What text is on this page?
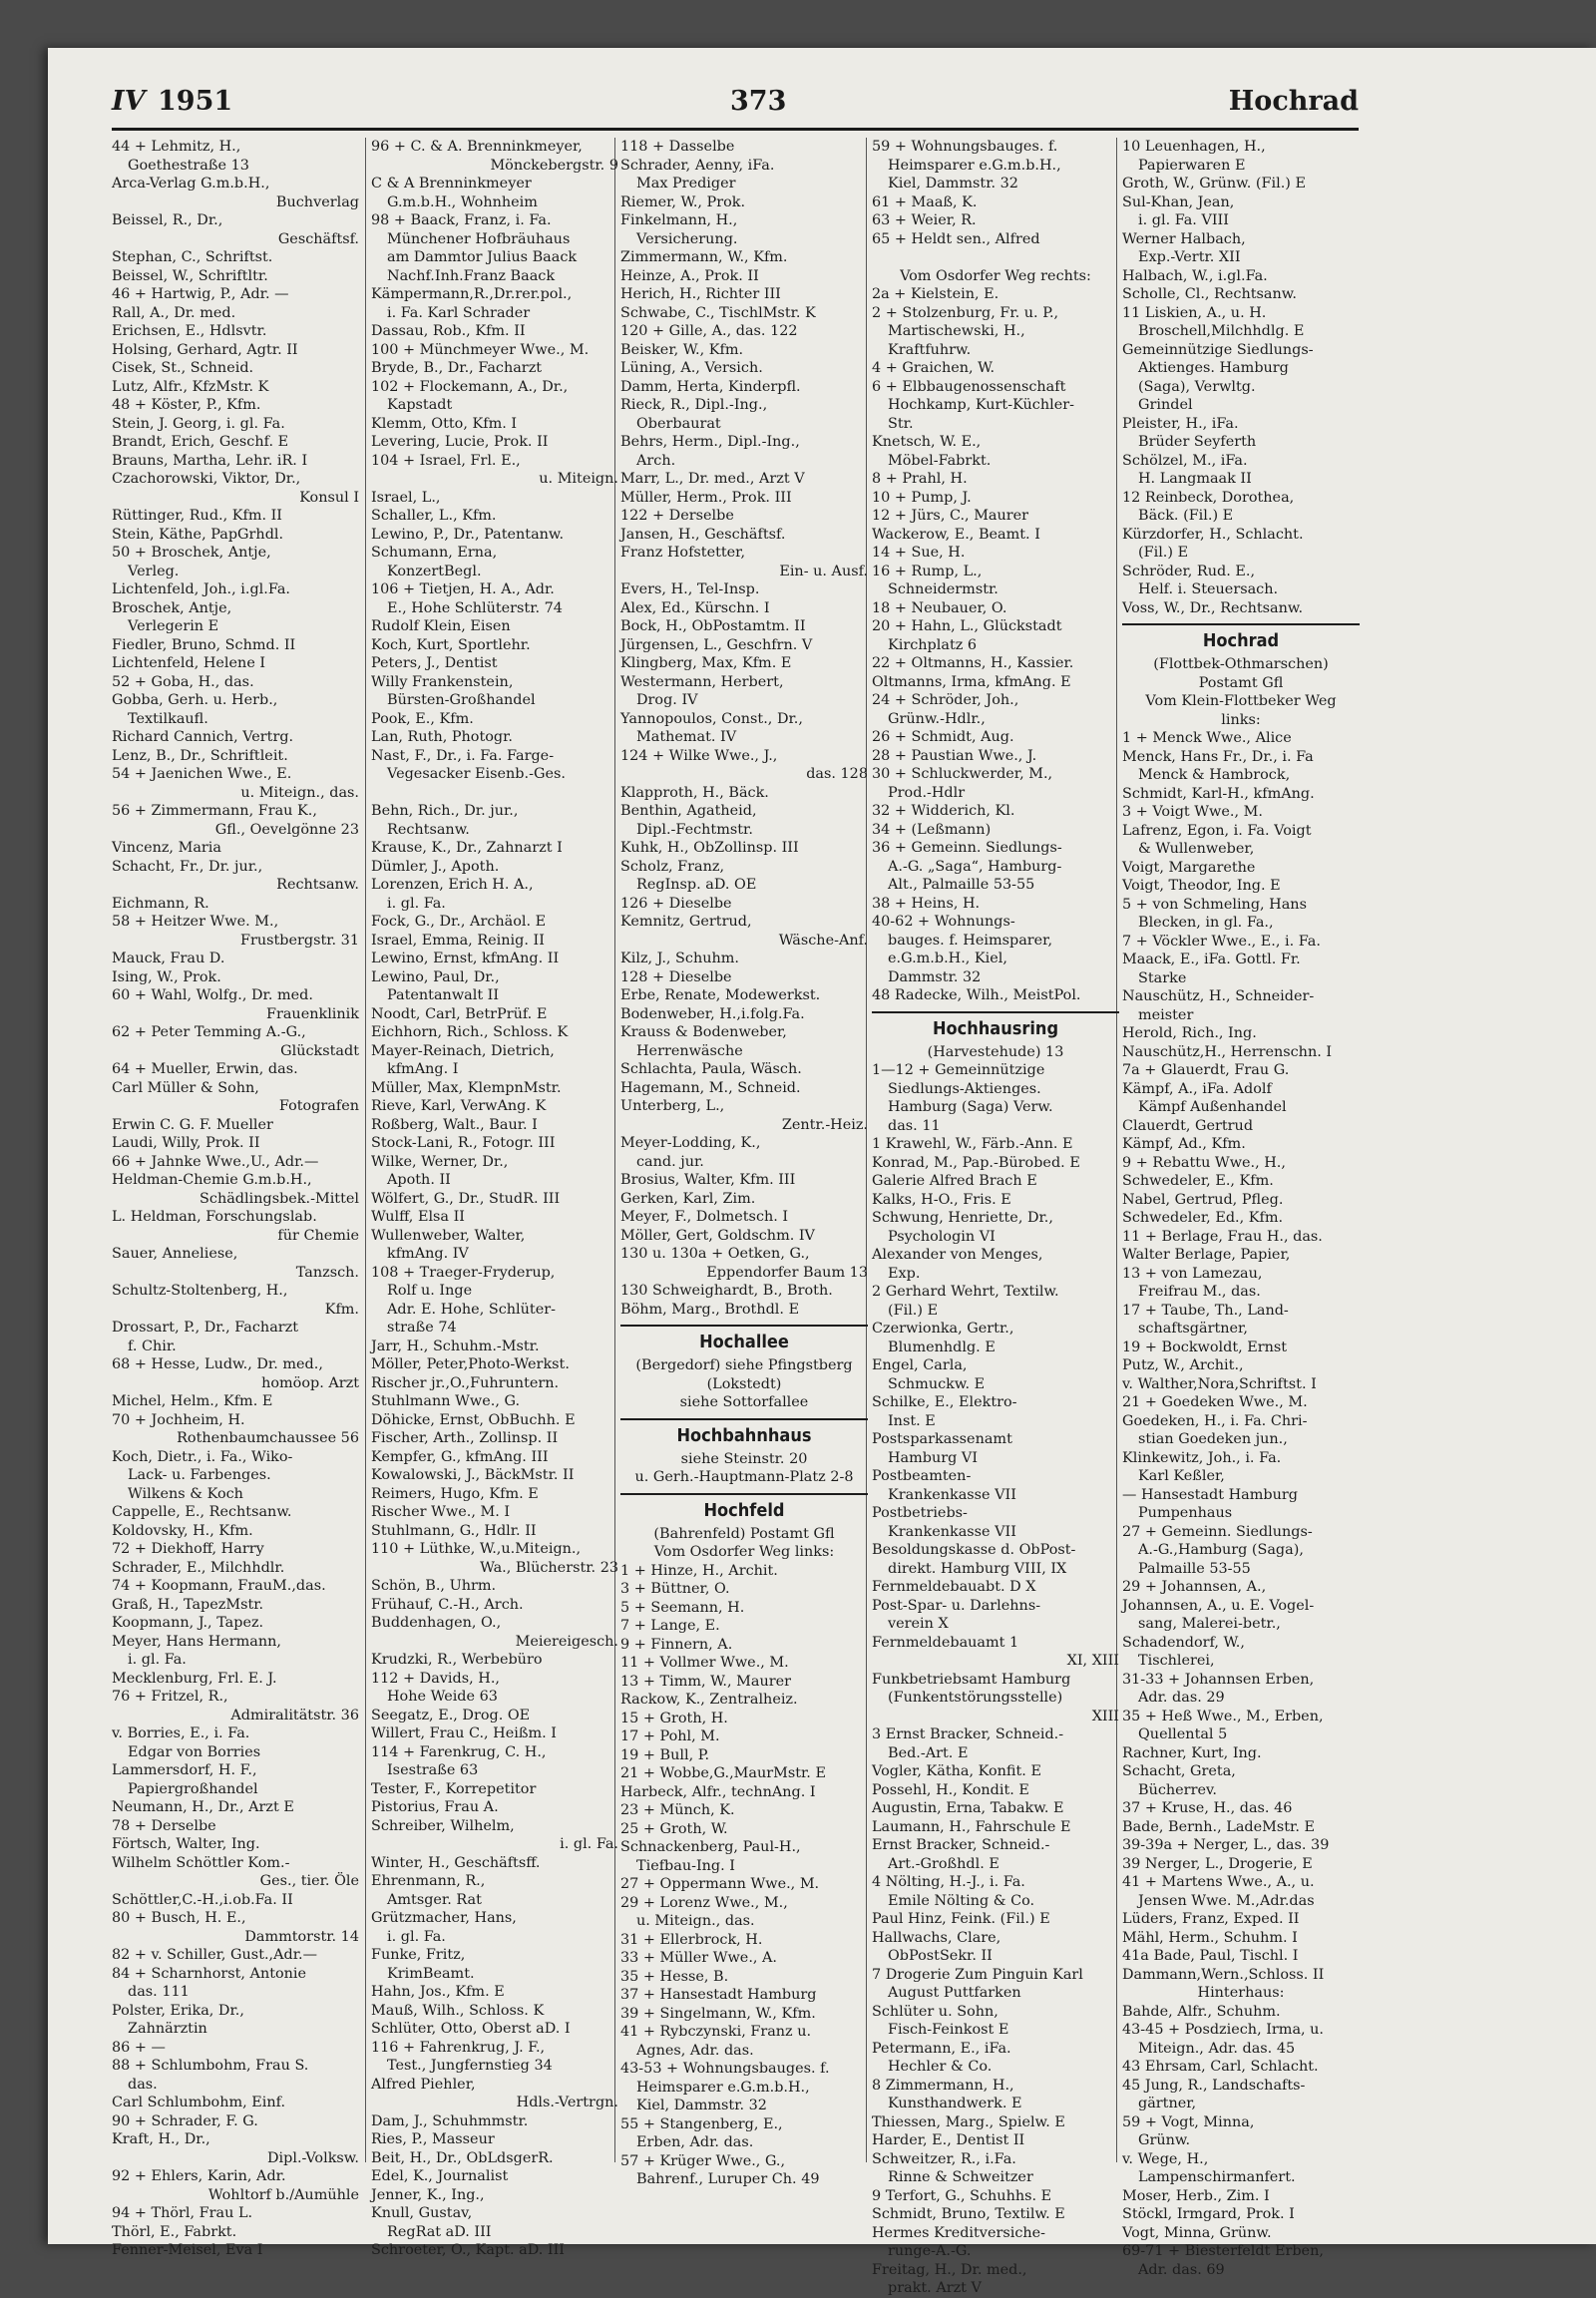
IV 1951	373	Hochrad
44 + Lehmitz, H.,
Goethestraße 13
Arca-Verlag G.m.b.H.,
Buchverlag
Beissel, R., Dr.,
Geschäftsf.
Stephan, C., Schriftst.
Beissel, W., Schriftltr.
46 + Hartwig, P., Adr. —
Rall, A., Dr. med.
Erichsen, E., Hdlsvtr.
Holsing, Gerhard, Agtr. II
Cisek, St., Schneid.
Lutz, Alfr., KfzMstr. K
48 + Köster, P., Kfm.
Stein, J. Georg, i. gl. Fa.
Brandt, Erich, Geschf. E
Brauns, Martha, Lehr. iR. I
Czachorowski, Viktor, Dr.,
Konsul I
Rüttinger, Rud., Kfm. II
Stein, Käthe, PapGrhdl.
50 + Broschek, Antje,
Verleg.
Lichtenfeld, Joh., i.gl.Fa.
Broschek, Antje,
Verlegerin E
Fiedler, Bruno, Schmd. II
Lichtenfeld, Helene I
52 + Goba, H., das.
Gobba, Gerh. u. Herb.,
Textilkaufl.
Richard Cannich, Vertrg.
Lenz, B., Dr., Schriftleit.
54 + Jaenichen Wwe., E.
u. Miteign., das.
56 + Zimmermann, Frau K.,
Gfl., Oevelgönne 23
Vincenz, Maria
Schacht, Fr., Dr. jur.,
Rechtsanw.
Eichmann, R.
58 + Heitzer Wwe. M.,
Frustbergstr. 31
Mauck, Frau D.
Ising, W., Prok.
60 + Wahl, Wolfg., Dr. med.
Frauenklinik
62 + Peter Temming A.-G.,
Glückstadt
64 + Mueller, Erwin, das.
Carl Müller & Sohn,
Fotografen
Erwin C. G. F. Mueller
Laudi, Willy, Prok. II
66 + Jahnke Wwe.,U., Adr.—
Heldman-Chemie G.m.b.H.,
Schädlingsbek.-Mittel
L. Heldman, Forschungslab.
für Chemie
Sauer, Anneliese,
Tanzsch.
Schultz-Stoltenberg, H.,
Kfm.
Drossart, P., Dr., Facharzt
f. Chir.
68 + Hesse, Ludw., Dr. med.,
homöop. Arzt
Michel, Helm., Kfm. E
70 + Jochheim, H.
Rothenbaumchaussee 56
Koch, Dietr., i. Fa., Wiko-
Lack- u. Farbenges.
Wilkens & Koch
Cappelle, E., Rechtsanw.
Koldovsky, H., Kfm.
72 + Diekhoff, Harry
Schrader, E., Milchhdlr.
74 + Koopmann, FrauM.,das.
Graß, H., TapezMstr.
Koopmann, J., Tapez.
Meyer, Hans Hermann,
i. gl. Fa.
Mecklenburg, Frl. E. J.
76 + Fritzel, R.,
Admiralitätstr. 36
v. Borries, E., i. Fa.
Edgar von Borries
Lammersdorf, H. F.,
Papiergroßhandel
Neumann, H., Dr., Arzt E
78 + Derselbe
Förtsch, Walter, Ing.
Wilhelm Schöttler Kom.-
Ges., tier. Öle
Schöttler,C.-H.,i.ob.Fa. II
80 + Busch, H. E.,
Dammtorstr. 14
82 + v. Schiller, Gust.,Adr.—
84 + Scharnhorst, Antonie
das. 111
Polster, Erika, Dr.,
Zahnärztin
86 + —
88 + Schlumbohm, Frau S.
das.
Carl Schlumbohm, Einf.
90 + Schrader, F. G.
Kraft, H., Dr.,
Dipl.-Volksw.
92 + Ehlers, Karin, Adr.
Wohltorf b./Aumühle
94 + Thörl, Frau L.
Thörl, E., Fabrkt.
Fenner-Meisel, Eva I
96 + C. & A. Brenninkmeyer,
Mönckebergstr. 9
C & A Brenninkmeyer
G.m.b.H., Wohnheim
98 + Baack, Franz, i. Fa.
Münchener Hofbräuhaus
am Dammtor Julius Baack
Nachf.Inh.Franz Baack
Kämpermann,R.,Dr.rer.pol.,
i. Fa. Karl Schrader
Dassau, Rob., Kfm. II
100 + Münchmeyer Wwe., M.
Bryde, B., Dr., Facharzt
102 + Flockemann, A., Dr.,
Kapstadt
Klemm, Otto, Kfm. I
Levering, Lucie, Prok. II
104 + Israel, Frl. E.,
u. Miteign.
Israel, L.,
Schaller, L., Kfm.
Lewino, P., Dr., Patentanw.
Schumann, Erna,
KonzertBegl.
106 + Tietjen, H. A., Adr.
E., Hohe Schlüterstr. 74
Rudolf Klein, Eisen
Koch, Kurt, Sportlehr.
Peters, J., Dentist
Willy Frankenstein,
Bürsten-Großhandel
Pook, E., Kfm.
Lan, Ruth, Photogr.
Nast, F., Dr., i. Fa. Farge-
Vegesacker Eisenb.-Ges.

Behn, Rich., Dr. jur.,
Rechtsanw.
Krause, K., Dr., Zahnarzt I
Dümler, J., Apoth.
Lorenzen, Erich H. A.,
i. gl. Fa.
Fock, G., Dr., Archäol. E
Israel, Emma, Reinig. II
Lewino, Ernst, kfmAng. II
Lewino, Paul, Dr.,
Patentanwalt II
Noodt, Carl, BetrPrüf. E
Eichhorn, Rich., Schloss. K
Mayer-Reinach, Dietrich,
kfmAng. I
Müller, Max, KlempnMstr.
Rieve, Karl, VerwAng. K
Roßberg, Walt., Baur. I
Stock-Lani, R., Fotogr. III
Wilke, Werner, Dr.,
Apoth. II
Wölfert, G., Dr., StudR. III
Wulff, Elsa II
Wullenweber, Walter,
kfmAng. IV
108 + Traeger-Fryderup,
Rolf u. Inge
Adr. E. Hohe, Schlüter-
straße 74
Jarr, H., Schuhm.-Mstr.
Möller, Peter,Photo-Werkst.
Rischer jr.,O.,Fuhruntern.
Stuhlmann Wwe., G.
Döhicke, Ernst, ObBuchh. E
Fischer, Arth., Zollinsp. II
Kempfer, G., kfmAng. III
Kowalowski, J., BäckMstr. II
Reimers, Hugo, Kfm. E
Rischer Wwe., M. I
Stuhlmann, G., Hdlr. II
110 + Lüthke, W.,u.Miteign.,
Wa., Blücherstr. 23
Schön, B., Uhrm.
Frühauf, C.-H., Arch.
Buddenhagen, O.,
Meiereigesch.
Krudzki, R., Werbebüro
112 + Davids, H.,
Hohe Weide 63
Seegatz, E., Drog. OE
Willert, Frau C., Heißm. I
114 + Farenkrug, C. H.,
Isestraße 63
Tester, F., Korrepetitor
Pistorius, Frau A.
Schreiber, Wilhelm,
i. gl. Fa.
Winter, H., Geschäftsff.
Ehrenmann, R.,
Amtsger. Rat
Grützmacher, Hans,
i. gl. Fa.
Funke, Fritz,
KrimBeamt.
Hahn, Jos., Kfm. E
Mauß, Wilh., Schloss. K
Schlüter, Otto, Oberst aD. I
116 + Fahrenkrug, J. F.,
Test., Jungfernstieg 34
Alfred Piehler,
Hdls.-Vertrgn.
Dam, J., Schuhmmstr.
Ries, P., Masseur
Beit, H., Dr., ObLdsgerR.
Edel, K., Journalist
Jenner, K., Ing.,
Knull, Gustav,
RegRat aD. III
Schroeter, O., Kapt. aD. III
118 + Dasselbe
Schrader, Aenny, iFa.
Max Prediger
Riemer, W., Prok.
Finkelmann, H.,
Versicherung.
Zimmermann, W., Kfm.
Heinze, A., Prok. II
Herich, H., Richter III
Schwabe, C., TischlMstr. K
120 + Gille, A., das. 122
Beisker, W., Kfm.
Lüning, A., Versich.
Damm, Herta, Kinderpfl.
Rieck, R., Dipl.-Ing.,
Oberbaurat
Behrs, Herm., Dipl.-Ing.,
Arch.
Marr, L., Dr. med., Arzt V
Müller, Herm., Prok. III
122 + Derselbe
Jansen, H., Geschäftsf.
Franz Hofstetter,
Ein- u. Ausf.
Evers, H., Tel-Insp.
Alex, Ed., Kürschn. I
Bock, H., ObPostamtm. II
Jürgensen, L., Geschfrn. V
Klingberg, Max, Kfm. E
Westermann, Herbert,
Drog. IV
Yannopoulos, Const., Dr.,
Mathemat. IV
124 + Wilke Wwe., J.,
das. 128
Klapproth, H., Bäck.
Benthin, Agatheid,
Dipl.-Fechtmstr.
Kuhk, H., ObZollinsp. III
Scholz, Franz,
RegInsp. aD. OE
126 + Dieselbe
Kemnitz, Gertrud,
Wäsche-Anf.
Kilz, J., Schuhm.
128 + Dieselbe
Erbe, Renate, Modewerkst.
Bodenweber, H.,i.folg.Fa.
Krauss & Bodenweber,
Herrenwäsche
Schlachta, Paula, Wäsch.
Hagemann, M., Schneid.
Unterberg, L.,
Zentr.-Heiz.
Meyer-Lodding, K.,
cand. jur.
Brosius, Walter, Kfm. III
Gerken, Karl, Zim.
Meyer, F., Dolmetsch. I
Möller, Gert, Goldschm. IV
130 u. 130a + Oetken, G.,
Eppendorfer Baum 13
130 Schweighardt, B., Broth.
Böhm, Marg., Brothdl. E
Hochallee
(Bergedorf) siehe Pfingstberg
(Lokstedt)
siehe Sottorfallee
Hochbahnhaus
siehe Steinstr. 20
u. Gerh.-Hauptmann-Platz 2-8
Hochfeld
(Bahrenfeld) Postamt Gfl
Vom Osdorfer Weg links:
1 + Hinze, H., Archit.
3 + Büttner, O.
5 + Seemann, H.
7 + Lange, E.
9 + Finnern, A.
11 + Vollmer Wwe., M.
13 + Timm, W., Maurer
Rackow, K., Zentralheiz.
15 + Groth, H.
17 + Pohl, M.
19 + Bull, P.
21 + Wobbe,G.,MaurMstr. E
Harbeck, Alfr., technAng. I
23 + Münch, K.
25 + Groth, W.
Schnackenberg, Paul-H.,
Tiefbau-Ing. I
27 + Oppermann Wwe., M.
29 + Lorenz Wwe., M.,
u. Miteign., das.
31 + Ellerbrock, H.
33 + Müller Wwe., A.
35 + Hesse, B.
37 + Hansestadt Hamburg
39 + Singelmann, W., Kfm.
41 + Rybczynski, Franz u.
Agnes, Adr. das.
43-53 + Wohnungsbauges. f.
Heimsparer e.G.m.b.H.,
Kiel, Dammstr. 32
55 + Stangenberg, E.,
Erben, Adr. das.
57 + Krüger Wwe., G.,
Bahrenf., Luruper Ch. 49
59 + Wohnungsbauges. f.
Heimsparer e.G.m.b.H.,
Kiel, Dammstr. 32
61 + Maaß, K.
63 + Weier, R.
65 + Heldt sen., Alfred

Vom Osdorfer Weg rechts:
2a + Kielstein, E.
2 + Stolzenburg, Fr. u. P.,
Martischewski, H.,
Kraftfuhrw.
4 + Graichen, W.
6 + Elbbaugenossenschaft
Hochkamp, Kurt-Küchler-
Str.
Knetsch, W. E.,
Möbel-Fabrkt.
8 + Prahl, H.
10 + Pump, J.
12 + Jürs, C., Maurer
Wackerow, E., Beamt. I
14 + Sue, H.
16 + Rump, L.,
Schneidermstr.
18 + Neubauer, O.
20 + Hahn, L., Glückstadt
Kirchplatz 6
22 + Oltmanns, H., Kassier.
Oltmanns, Irma, kfmAng. E
24 + Schröder, Joh.,
Grünw.-Hdlr.,
26 + Schmidt, Aug.
28 + Paustian Wwe., J.
30 + Schluckwerder, M.,
Prod.-Hdlr
32 + Widderich, Kl.
34 + (Leßmann)
36 + Gemeinn. Siedlungs-
A.-G. „Saga“, Hamburg-
Alt., Palmaille 53-55
38 + Heins, H.
40-62 + Wohnungs-
bauges. f. Heimsparer,
e.G.m.b.H., Kiel,
Dammstr. 32
48 Radecke, Wilh., MeistPol.
Hochhausring
(Harvestehude) 13
1—12 + Gemeinnützige
Siedlungs-Aktienges.
Hamburg (Saga) Verw.
das. 11
1 Krawehl, W., Färb.-Ann. E
Konrad, M., Pap.-Bürobed. E
Galerie Alfred Brach E
Kalks, H-O., Fris. E
Schwung, Henriette, Dr.,
Psychologin VI
Alexander von Menges,
Exp.
2 Gerhard Wehrt, Textilw.
(Fil.) E
Czerwionka, Gertr.,
Blumenhdlg. E
Engel, Carla,
Schmuckw. E
Schilke, E., Elektro-
Inst. E
Postsparkassenamt
Hamburg VI
Postbeamten-
Krankenkasse VII
Postbetriebs-
Krankenkasse VII
Besoldungskasse d. ObPost-
direkt. Hamburg VIII, IX
Fernmeldebauabt. D X
Post-Spar- u. Darlehns-
verein X
Fernmeldebauamt 1
XI, XIII
Funkbetriebsamt Hamburg
(Funkentstörungsstelle)
XIII
3 Ernst Bracker, Schneid.-
Bed.-Art. E
Vogler, Kätha, Konfit. E
Possehl, H., Kondit. E
Augustin, Erna, Tabakw. E
Laumann, H., Fahrschule E
Ernst Bracker, Schneid.-
Art.-Großhdl. E
4 Nölting, H.-J., i. Fa.
Emile Nölting & Co.
Paul Hinz, Feink. (Fil.) E
Hallwachs, Clare,
ObPostSekr. II
7 Drogerie Zum Pinguin Karl
August Puttfarken
Schlüter u. Sohn,
Fisch-Feinkost E
Petermann, E., iFa.
Hechler & Co.
8 Zimmermann, H.,
Kunsthandwerk. E
Thiessen, Marg., Spielw. E
Harder, E., Dentist II
Schweitzer, R., i.Fa.
Rinne & Schweitzer
9 Terfort, G., Schuhhs. E
Schmidt, Bruno, Textilw. E
Hermes Kreditversiche-
runge-A.-G.
Freitag, H., Dr. med.,
prakt. Arzt V
10 Leuenhagen, H.,
Papierwaren E
Groth, W., Grünw. (Fil.) E
Sul-Khan, Jean,
i. gl. Fa. VIII
Werner Halbach,
Exp.-Vertr. XII
Halbach, W., i.gl.Fa.
Scholle, Cl., Rechtsanw.
11 Liskien, A., u. H.
Broschell,Milchhdlg. E
Gemeinnützige Siedlungs-
Aktienges. Hamburg
(Saga), Verwltg.
Grindel
Pleister, H., iFa.
Brüder Seyferth
Schölzel, M., iFa.
H. Langmaak II
12 Reinbeck, Dorothea,
Bäck. (Fil.) E
Kürzdorfer, H., Schlacht.
(Fil.) E
Schröder, Rud. E.,
Helf. i. Steuersach.
Voss, W., Dr., Rechtsanw.
Hochrad
(Flottbek-Othmarschen)
Postamt Gfl
Vom Klein-Flottbeker Weg
links:
1 + Menck Wwe., Alice
Menck, Hans Fr., Dr., i. Fa
Menck & Hambrock,
Schmidt, Karl-H., kfmAng.
3 + Voigt Wwe., M.
Lafrenz, Egon, i. Fa. Voigt
& Wullenweber,
Voigt, Margarethe
Voigt, Theodor, Ing. E
5 + von Schmeling, Hans
Blecken, in gl. Fa.,
7 + Vöckler Wwe., E., i. Fa.
Maack, E., iFa. Gottl. Fr.
Starke
Nauschütz, H., Schneider-
meister
Herold, Rich., Ing.
Nauschütz,H., Herrenschn. I
7a + Glauerdt, Frau G.
Kämpf, A., iFa. Adolf
Kämpf Außenhandel
Clauerdt, Gertrud
Kämpf, Ad., Kfm.
9 + Rebattu Wwe., H.,
Schwedeler, E., Kfm.
Nabel, Gertrud, Pfleg.
Schwedeler, Ed., Kfm.
11 + Berlage, Frau H., das.
Walter Berlage, Papier,
13 + von Lamezau,
Freifrau M., das.
17 + Taube, Th., Land-
schaftsgärtner,
19 + Bockwoldt, Ernst
Putz, W., Archit.,
v. Walther,Nora,Schriftst. I
21 + Goedeken Wwe., M.
Goedeken, H., i. Fa. Chri-
stian Goedeken jun.,
Klinkewitz, Joh., i. Fa.
Karl Keßler,
— Hansestadt Hamburg
Pumpenhaus
27 + Gemeinn. Siedlungs-
A.-G.,Hamburg (Saga),
Palmaille 53-55
29 + Johannsen, A.,
Johannsen, A., u. E. Vogel-
sang, Malerei-betr.,
Schadendorf, W.,
Tischlerei,
31-33 + Johannsen Erben,
Adr. das. 29
35 + Heß Wwe., M., Erben,
Quellental 5
Rachner, Kurt, Ing.
Schacht, Greta,
Bücherrev.
37 + Kruse, H., das. 46
Bade, Bernh., LadeMstr. E
39-39a + Nerger, L., das. 39
39 Nerger, L., Drogerie, E
41 + Martens Wwe., A., u.
Jensen Wwe. M.,Adr.das
Lüders, Franz, Exped. II
Mähl, Herm., Schuhm. I
41a Bade, Paul, Tischl. I
Dammann,Wern.,Schloss. II
Hinterhaus:
Bahde, Alfr., Schuhm.
43-45 + Posdziech, Irma, u.
Miteign., Adr. das. 45
43 Ehrsam, Carl, Schlacht.
45 Jung, R., Landschafts-
gärtner,
59 + Vogt, Minna,
Grünw.
v. Wege, H.,
Lampenschirmanfert.
Moser, Herb., Zim. I
Stöckl, Irmgard, Prok. I
Vogt, Minna, Grünw.
69-71 + Biesterfeldt Erben,
Adr. das. 69
